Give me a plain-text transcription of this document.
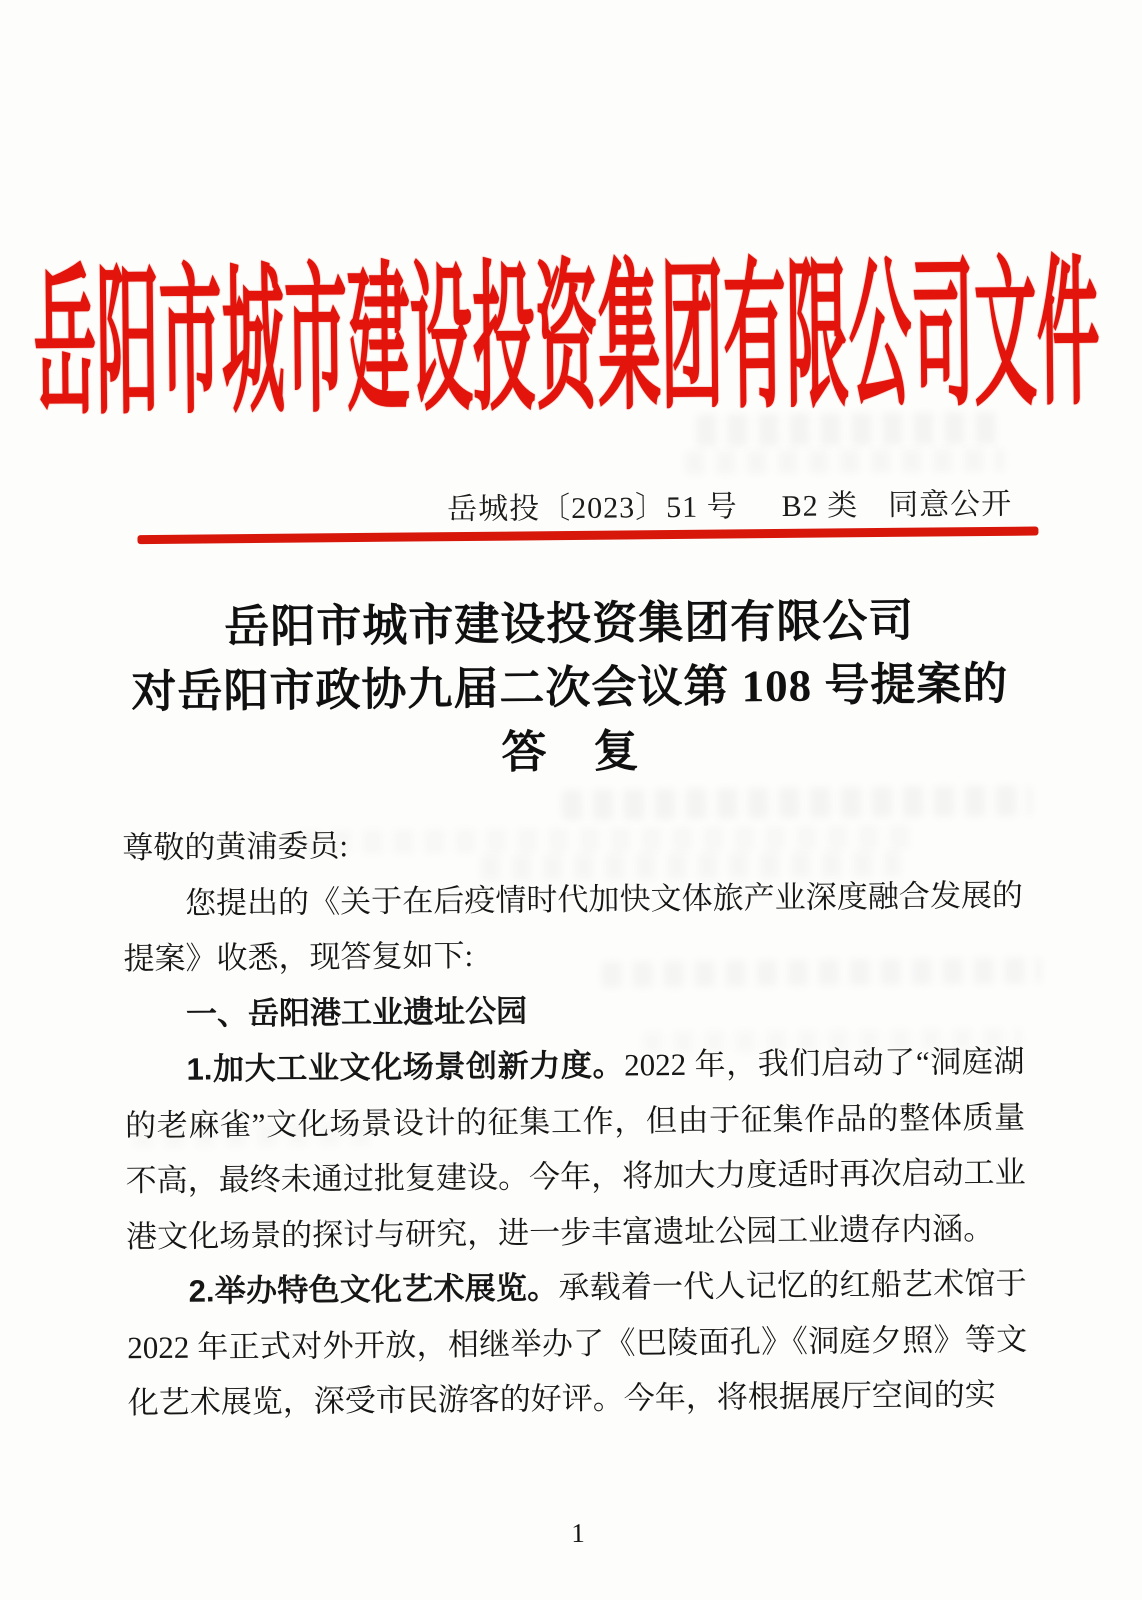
岳阳市城市建设投资集团有限公司文件
岳城投〔2023〕51 号 B2 类 同意公开
岳阳市城市建设投资集团有限公司
对岳阳市政协九届二次会议第 108 号提案的
答　复

尊敬的黄浦委员:

您提出的《关于在后疫情时代加快文体旅产业深度融合发展的提案》收悉，现答复如下:

一、岳阳港工业遗址公园

1.加大工业文化场景创新力度。2022 年，我们启动了“洞庭湖的老麻雀”文化场景设计的征集工作，但由于征集作品的整体质量不高，最终未通过批复建设。今年，将加大力度适时再次启动工业港文化场景的探讨与研究，进一步丰富遗址公园工业遗存内涵。

2.举办特色文化艺术展览。承载着一代人记忆的红船艺术馆于 2022 年正式对外开放，相继举办了《巴陵面孔》《洞庭夕照》等文化艺术展览，深受市民游客的好评。今年，将根据展厅空间的实

1
